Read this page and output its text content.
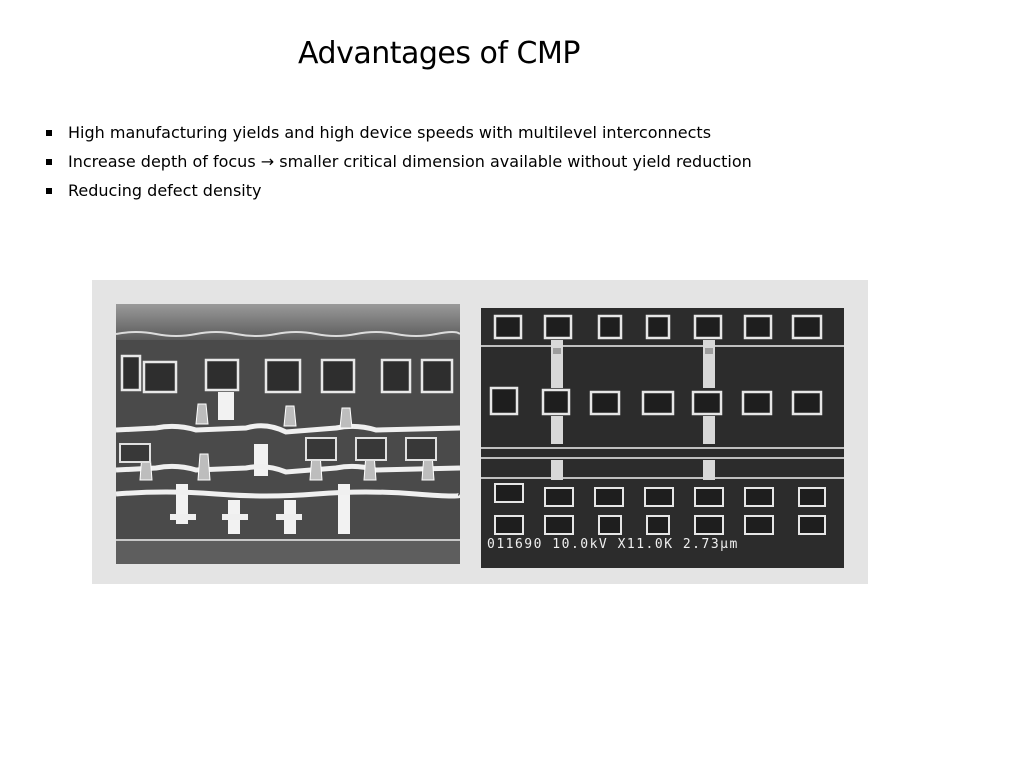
Advantages of CMP
High manufacturing yields and high device speeds with multilevel interconnects
Increase depth of focus → smaller critical dimension available without yield reduction
Reducing defect density
011690 10.0kV X11.0K 2.73µm
